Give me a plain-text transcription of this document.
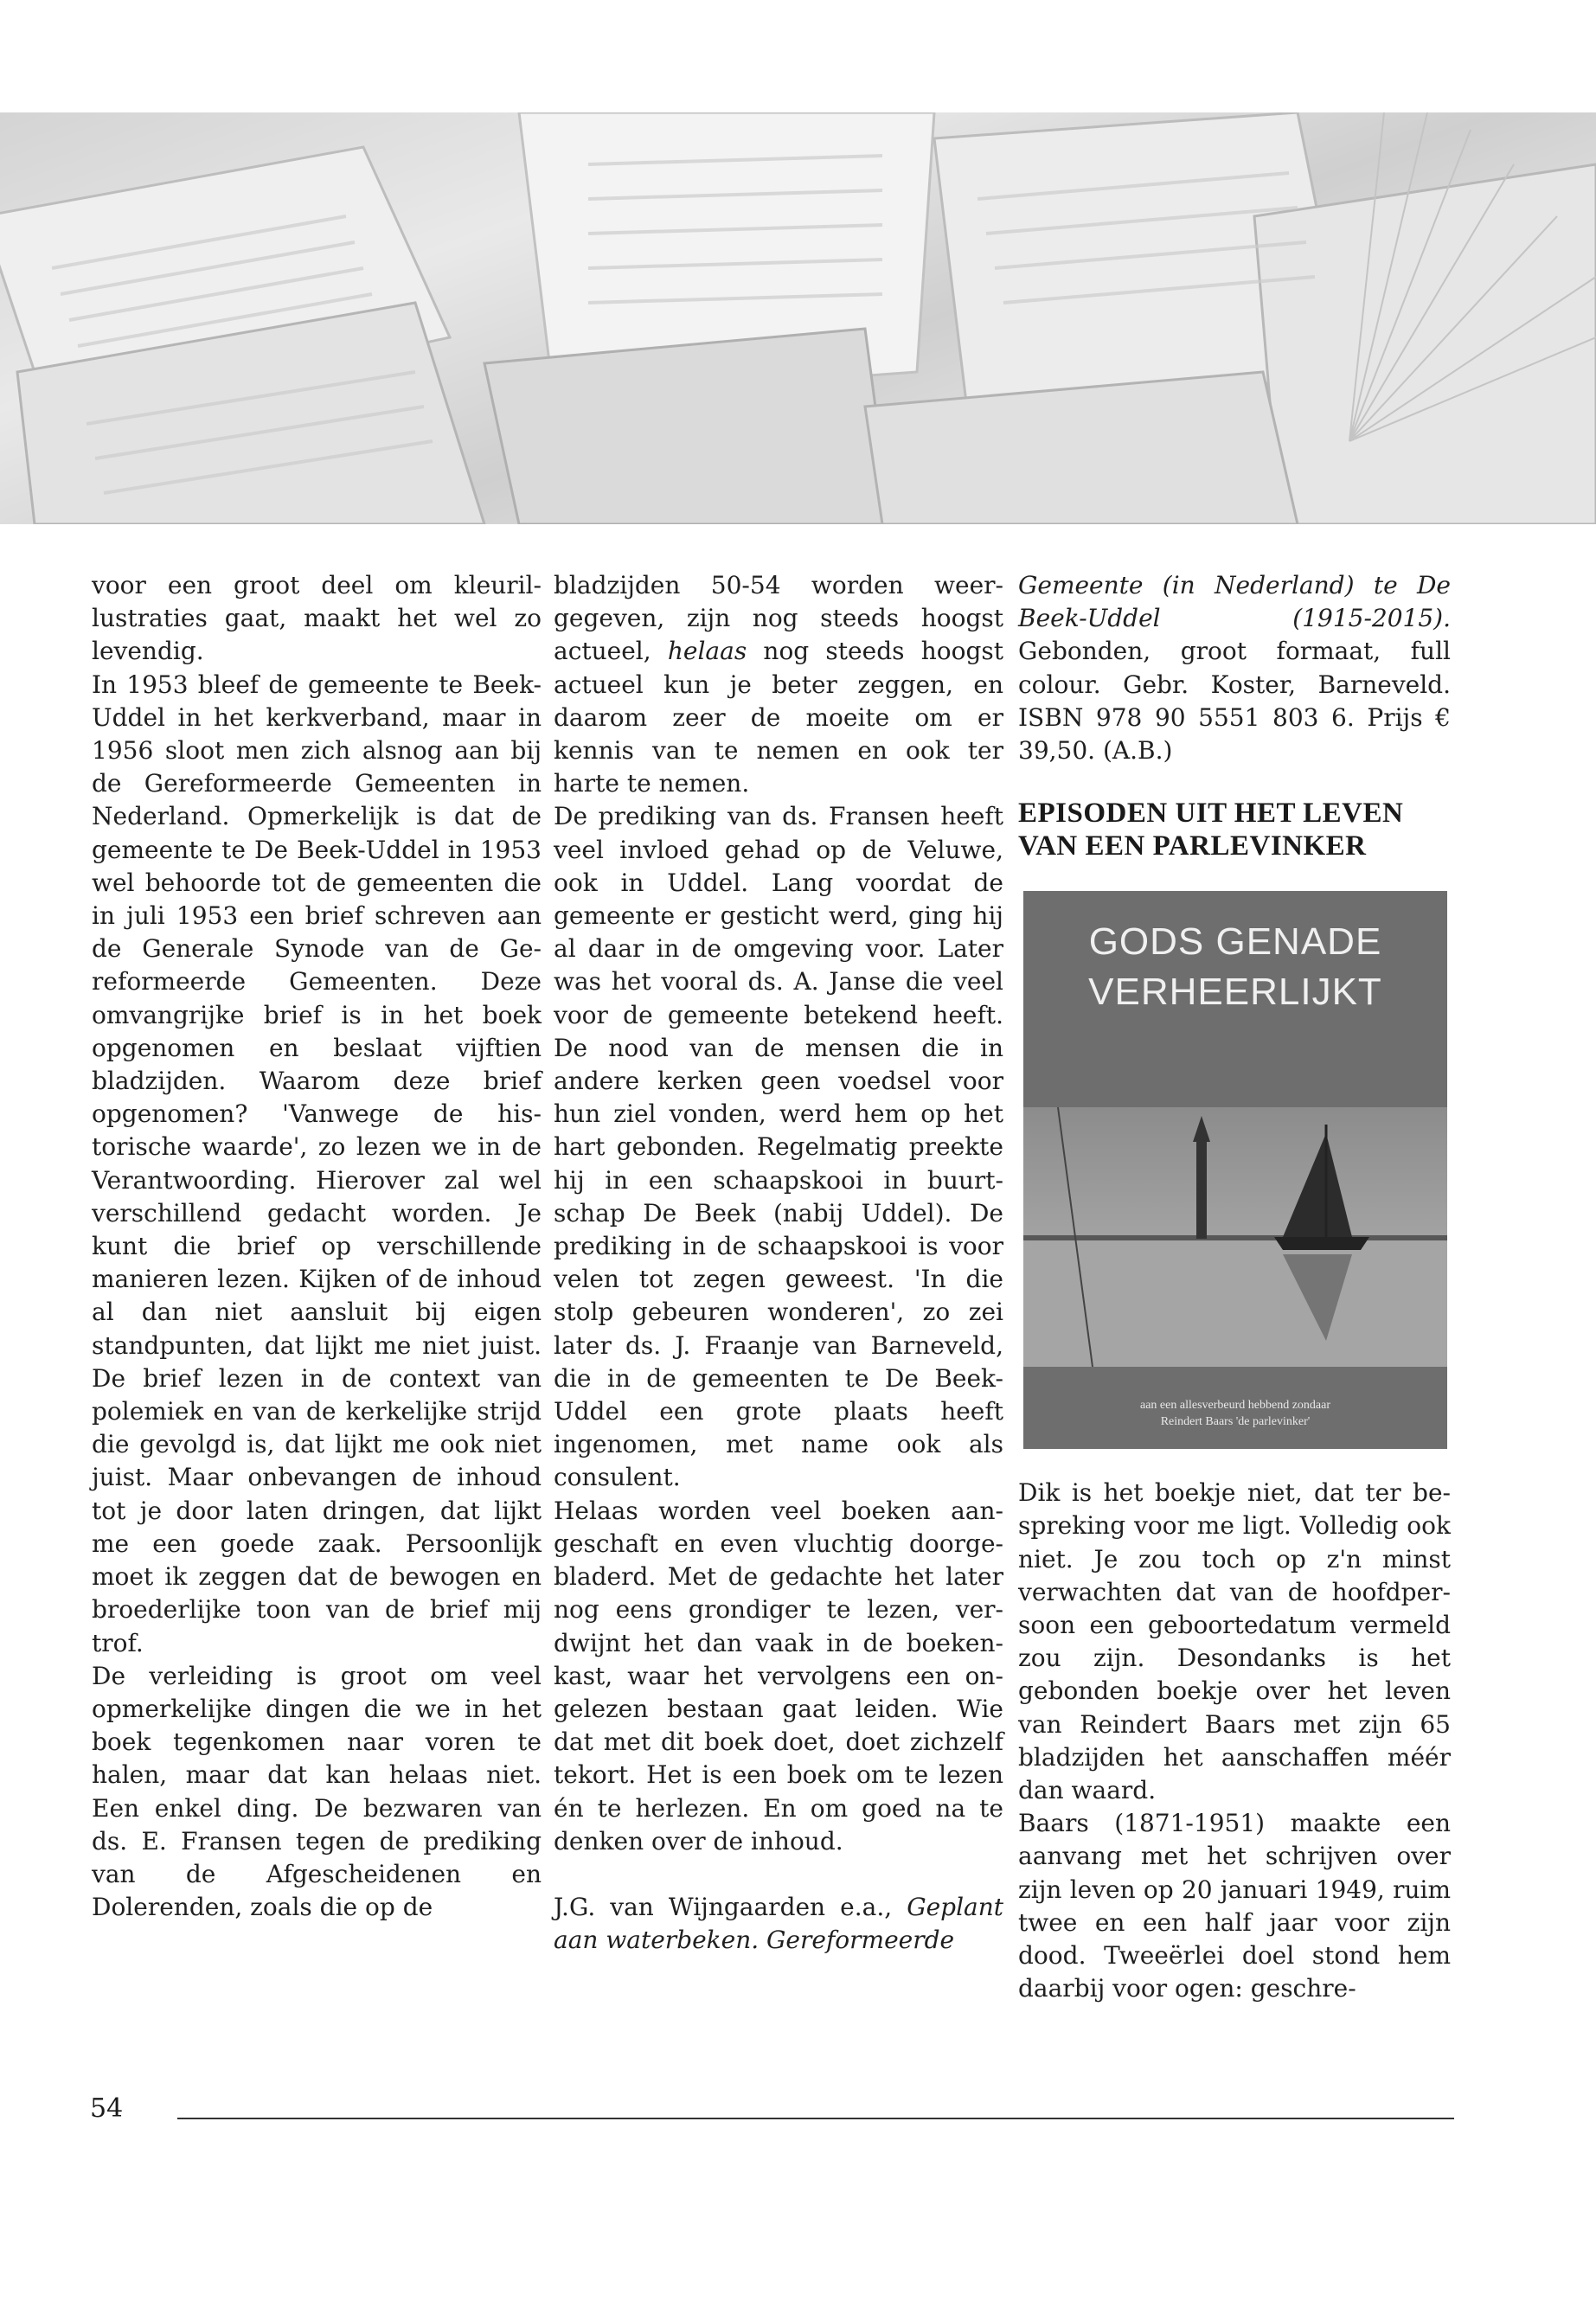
voor een groot deel om kleurillustraties gaat, maakt het wel zo levendig.

In 1953 bleef de gemeente te Beek-Uddel in het kerkverband, maar in 1956 sloot men zich alsnog aan bij de Gereformeerde Gemeenten in Nederland. Opmerkelijk is dat de gemeente te De Beek-Uddel in 1953 wel behoorde tot de gemeenten die in juli 1953 een brief schreven aan de Generale Synode van de Gereformeerde Gemeenten. Deze omvangrijke brief is in het boek opgenomen en beslaat vijftien bladzijden. Waarom deze brief opgenomen? 'Vanwege de historische waarde', zo lezen we in de Verantwoording. Hierover zal wel verschillend gedacht worden. Je kunt die brief op verschillende manieren lezen. Kijken of de inhoud al dan niet aansluit bij eigen standpunten, dat lijkt me niet juist. De brief lezen in de context van polemiek en van de kerkelijke strijd die gevolgd is, dat lijkt me ook niet juist. Maar onbevangen de inhoud tot je door laten dringen, dat lijkt me een goede zaak. Persoonlijk moet ik zeggen dat de bewogen en broederlijke toon van de brief mij trof.

De verleiding is groot om veel opmerkelijke dingen die we in het boek tegenkomen naar voren te halen, maar dat kan helaas niet. Een enkel ding. De bezwaren van ds. E. Fransen tegen de prediking van de Afgescheidenen en Dolerenden, zoals die op de

bladzijden 50-54 worden weergegeven, zijn nog steeds hoogst actueel, helaas nog steeds hoogst actueel kun je beter zeggen, en daarom zeer de moeite om er kennis van te nemen en ook ter harte te nemen.

De prediking van ds. Fransen heeft veel invloed gehad op de Veluwe, ook in Uddel. Lang voordat de gemeente er gesticht werd, ging hij al daar in de omgeving voor. Later was het vooral ds. A. Janse die veel voor de gemeente betekend heeft. De nood van de mensen die in andere kerken geen voedsel voor hun ziel vonden, werd hem op het hart gebonden. Regelmatig preekte hij in een schaapskooi in buurtschap De Beek (nabij Uddel). De prediking in de schaapskooi is voor velen tot zegen geweest. 'In die stolp gebeuren wonderen', zo zei later ds. J. Fraanje van Barneveld, die in de gemeenten te De Beek-Uddel een grote plaats heeft ingenomen, met name ook als consulent.

Helaas worden veel boeken aangeschaft en even vluchtig doorgebladerd. Met de gedachte het later nog eens grondiger te lezen, verdwijnt het dan vaak in de boekenkast, waar het vervolgens een ongelezen bestaan gaat leiden. Wie dat met dit boek doet, doet zichzelf tekort. Het is een boek om te lezen én te herlezen. En om goed na te denken over de inhoud.

J.G. van Wijngaarden e.a., Geplant aan waterbeken. Gereformeerde

Gemeente (in Nederland) te De Beek-Uddel (1915-2015). Gebonden, groot formaat, full colour. Gebr. Koster, Barneveld. ISBN 978 90 5551 803 6. Prijs € 39,50. (A.B.)

EPISODEN UIT HET LEVEN
VAN EEN PARLEVINKER

Dik is het boekje niet, dat ter bespreking voor me ligt. Volledig ook niet. Je zou toch op z'n minst verwachten dat van de hoofdpersoon een geboortedatum vermeld zou zijn. Desondanks is het gebonden boekje over het leven van Reindert Baars met zijn 65 bladzijden het aanschaffen méér dan waard.

Baars (1871-1951) maakte een aanvang met het schrijven over zijn leven op 20 januari 1949, ruim twee en een half jaar voor zijn dood. Tweeërlei doel stond hem daarbij voor ogen: geschre-

GODS GENADE
VERHEERLIJKT
aan een allesverbeurd hebbend zondaar
Reindert Baars 'de parlevinker'
54
